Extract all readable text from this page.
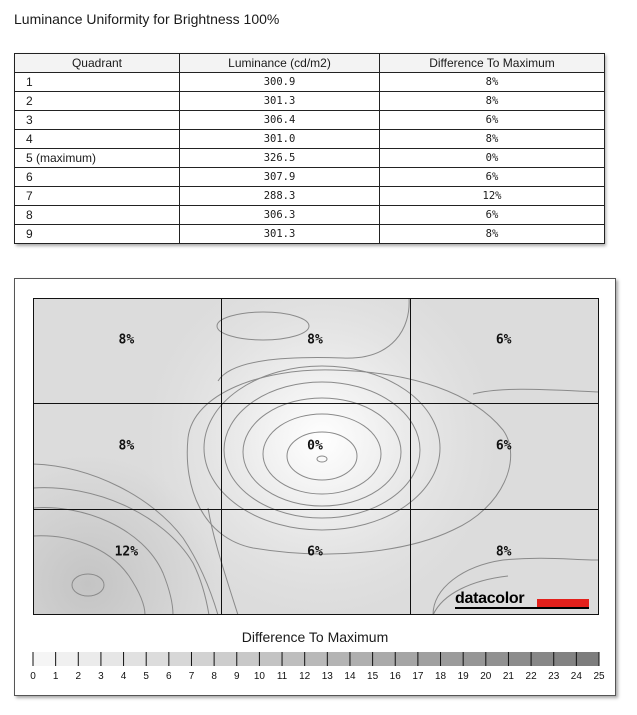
Luminance Uniformity for Brightness 100%
Quadrant	Luminance (cd/m2)	Difference To Maximum
1	300.9	8%
2	301.3	8%
3	306.4	6%
4	301.0	8%
5 (maximum)	326.5	0%
6	307.9	6%
7	288.3	12%
8	306.3	6%
9	301.3	8%
8%	8%	6%
8%	0%	6%
12%	6%	8%
datacolor
Difference To Maximum
0 1 2 3 4 5 6 7 8 9 10 11 12 13 14 15 16 17 18 19 20 21 22 23 24 25
